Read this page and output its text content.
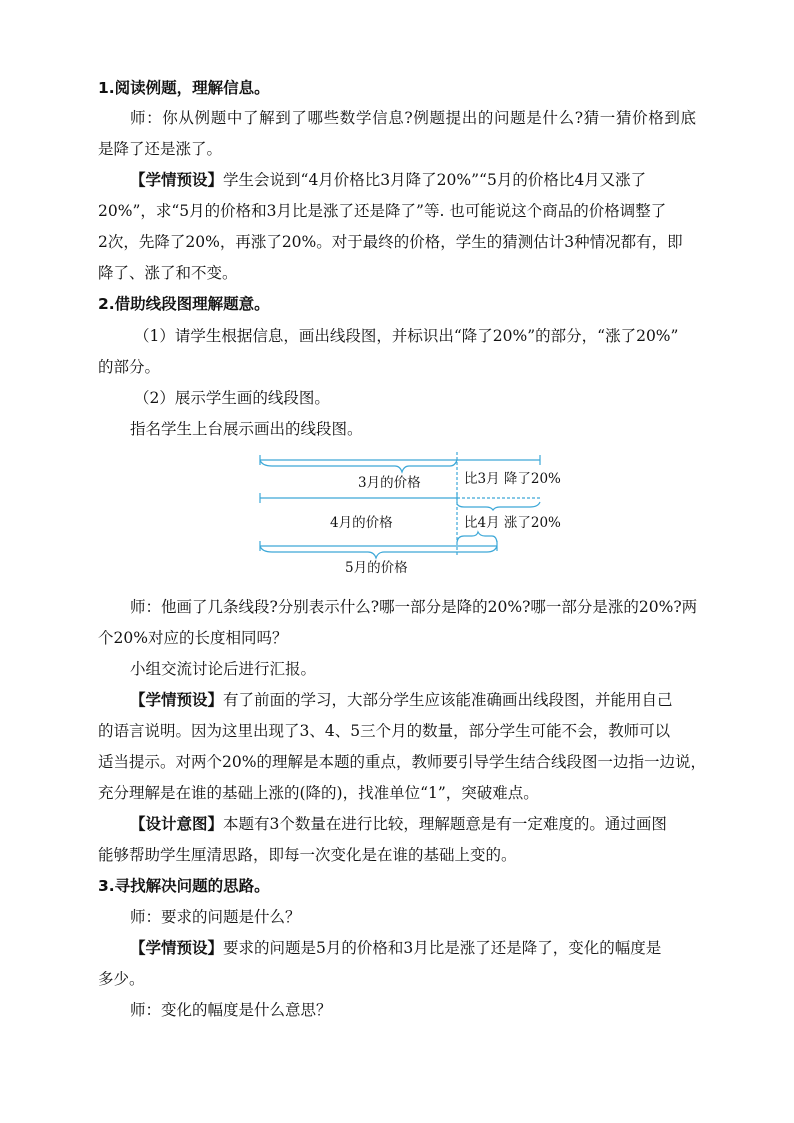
1.阅读例题，理解信息。
师：你从例题中了解到了哪些数学信息?例题提出的问题是什么?猜一猜价格到底
是降了还是涨了。
【学情预设】学生会说到“4月价格比3月降了20%”“5月的价格比4月又涨了
20%”，求“5月的价格和3月比是涨了还是降了”等. 也可能说这个商品的价格调整了
2次，先降了20%，再涨了20%。对于最终的价格，学生的猜测估计3种情况都有，即
降了、涨了和不变。
2.借助线段图理解题意。
（1）请学生根据信息，画出线段图，并标识出“降了20%”的部分，“涨了20%”
的部分。
（2）展示学生画的线段图。
指名学生上台展示画出的线段图。
3月的价格
4月的价格
5月的价格
比3月 降了20%
比4月 涨了20%
师：他画了几条线段?分别表示什么?哪一部分是降的20%?哪一部分是涨的20%?两
个20%对应的长度相同吗？
小组交流讨论后进行汇报。
【学情预设】有了前面的学习，大部分学生应该能准确画出线段图，并能用自己
的语言说明。因为这里出现了3、4、5三个月的数量，部分学生可能不会，教师可以
适当提示。对两个20%的理解是本题的重点，教师要引导学生结合线段图一边指一边说，
充分理解是在谁的基础上涨的(降的)，找准单位“1”，突破难点。
【设计意图】本题有3个数量在进行比较，理解题意是有一定难度的。通过画图
能够帮助学生厘清思路，即每一次变化是在谁的基础上变的。
3.寻找解决问题的思路。
师：要求的问题是什么？
【学情预设】要求的问题是5月的价格和3月比是涨了还是降了，变化的幅度是
多少。
师：变化的幅度是什么意思？
